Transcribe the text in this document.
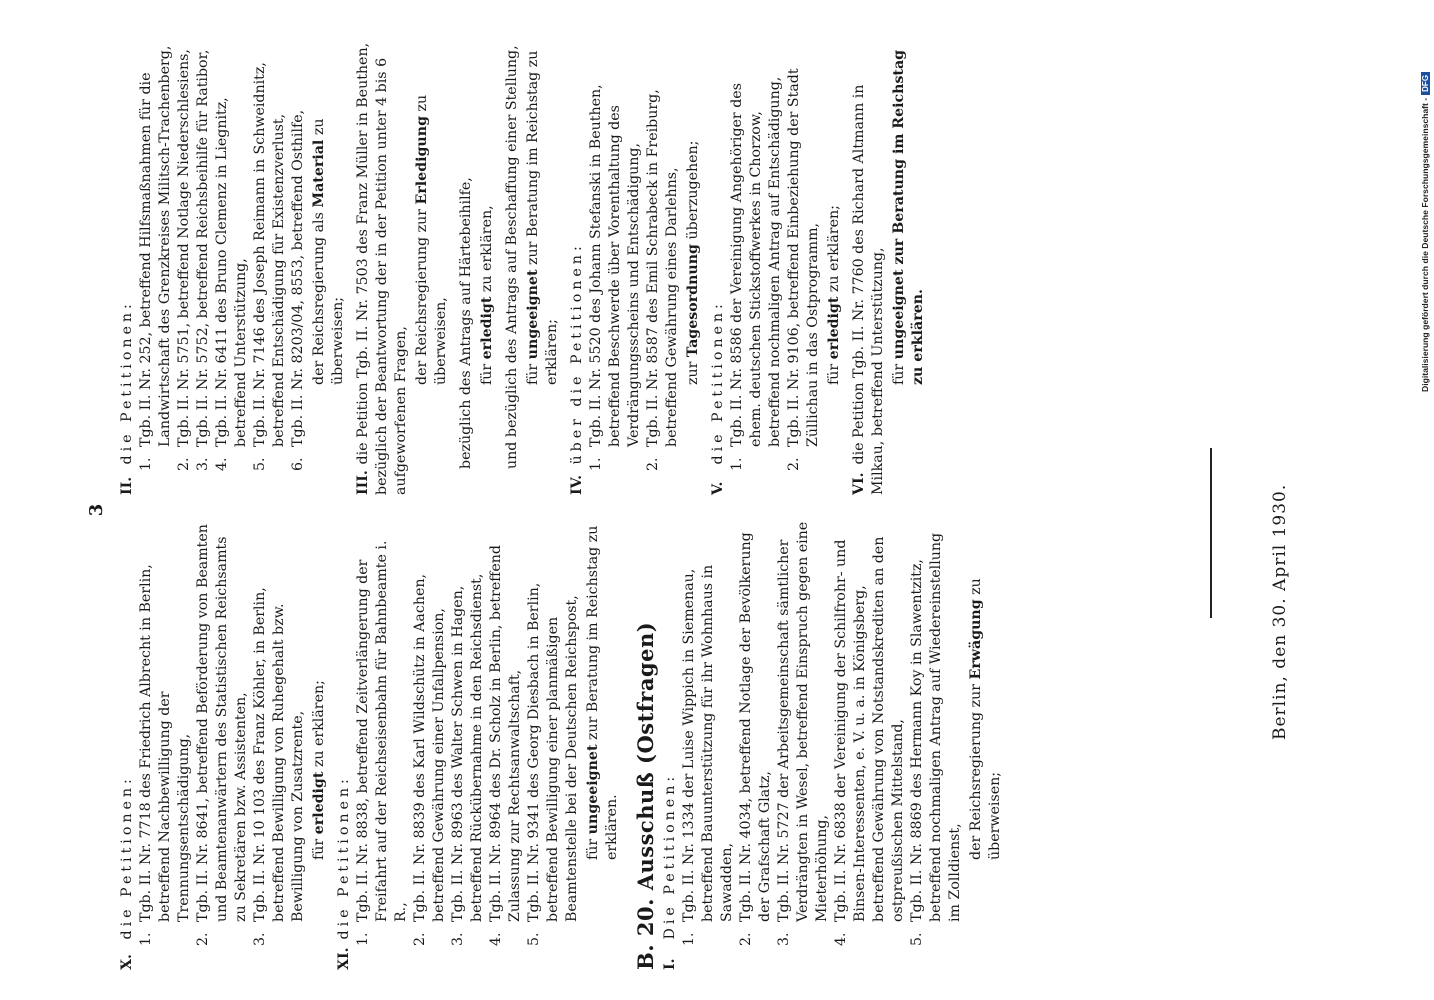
3

X. die Petitionen: 1.
Tgb. II. Nr. 7718 des Friedrich Albrecht in Berlin, betreffend Nachbewilligung der Trennungsentschädigung,

2.
Tgb. II. Nr. 8641, betreffend Beförderung von Beamten und Beamtenanwärtern des Statistischen Reichsamts zu Sekretären bzw. Assistenten,

3.
Tgb. II. Nr. 10 103 des Franz Köhler, in Berlin, betreffend Bewilligung von Ruhegehalt bzw. Bewilligung von Zusatzrente, für erledigt zu erklären;

XI. die Petitionen: 1.
Tgb. II. Nr. 8838, betreffend Zeitverlängerung der Freifahrt auf der Reichseisenbahn für Bahnbeamte i. R.,

2.
Tgb. II. Nr. 8839 des Karl Wildschütz in Aachen, betreffend Gewährung einer Unfallpension,

3.
Tgb. II. Nr. 8963 des Walter Schwen in Hagen, betreffend Rückübernahme in den Reichsdienst,

4.
Tgb. II. Nr. 8964 des Dr. Scholz in Berlin, betreffend Zulassung zur Rechtsanwaltschaft,

5.
Tgb. II. Nr. 9341 des Georg Diesbach in Berlin, betreffend Bewilligung einer planmäßigen Beamtenstelle bei der Deutschen Reichspost, für ungeeignet zur Beratung im Reichstag zu erklären. B. 20. Ausschuß (Ostfragen) I. Die Petitionen: 1.
Tgb. II. Nr. 1334 der Luise Wippich in Siemenau, betreffend Bauunterstützung für ihr Wohnhaus in Sawadden,

2.
Tgb. II. Nr. 4034, betreffend Notlage der Bevölkerung der Grafschaft Glatz,

3.
Tgb. II. Nr. 5727 der Arbeitsgemeinschaft sämtlicher Verdrängten in Wesel, betreffend Einspruch gegen eine Mieterhöhung,

4.
Tgb. II. Nr. 6838 der Vereinigung der Schilfrohr- und Binsen-Interessenten, e. V. u. a. in Königsberg, betreffend Gewährung von Notstandskrediten an den ostpreußischen Mittelstand,

5.
Tgb. II. Nr. 8869 des Hermann Koy in Slawentzitz, betreffend nochmaligen Antrag auf Wiedereinstellung im Zolldienst,

der Reichsregierung zur Erwägung zu überweisen;

II. die Petitionen: 1.
Tgb. II. Nr. 252, betreffend Hilfsmaßnahmen für die Landwirtschaft des Grenzkreises Militsch-Trachenberg,

2.
Tgb. II. Nr. 5751, betreffend Notlage Niederschlesiens,

3.
Tgb. II. Nr. 5752, betreffend Reichsbeihilfe für Ratibor,

4.
Tgb. II. Nr. 6411 des Bruno Clemenz in Liegnitz, betreffend Unterstützung,

5.
Tgb. II. Nr. 7146 des Joseph Reimann in Schweidnitz, betreffend Entschädigung für Existenzverlust,

6.
Tgb. II. Nr. 8203/04, 8553, betreffend Osthilfe, der Reichsregierung als Material zu überweisen;

III. die Petition Tgb. II. Nr. 7503 des Franz Müller in Beuthen, bezüglich der Beantwortung der in der Petition unter 4 bis 6 aufgeworfenen Fragen,

der Reichsregierung zur Erledigung zu überweisen, bezüglich des Antrags auf Härtebeihilfe, für erledigt zu erklären, und bezüglich des Antrags auf Beschaffung einer Stellung, für ungeeignet zur Beratung im Reichstag zu erklären;

IV. über die Petitionen: 1.
Tgb. II. Nr. 5520 des Johann Stefanski in Beuthen, betreffend Beschwerde über Vorenthaltung des Verdrängungsscheins und Entschädigung,

2.
Tgb. II. Nr. 8587 des Emil Schrabeck in Freiburg, betreffend Gewährung eines Darlehns, zur Tagesordnung überzugehen;

V. die Petitionen: 1.
Tgb. II. Nr. 8586 der Vereinigung Angehöriger des ehem. deutschen Stickstoffwerkes in Chorzow, betreffend nochmaligen Antrag auf Entschädigung,

2.
Tgb. II. Nr. 9106, betreffend Einbeziehung der Stadt Züllichau in das Ostprogramm, für erledigt zu erklären;

VI. die Petition Tgb. II. Nr. 7760 des Richard Altmann in Milkau, betreffend Unterstützung, für ungeeignet zur Beratung im Reichstag zu erklären.

Berlin, den 30. April 1930.
Digitalisierung gefördert durch die Deutsche Forschungsgemeinschaft -DFG
